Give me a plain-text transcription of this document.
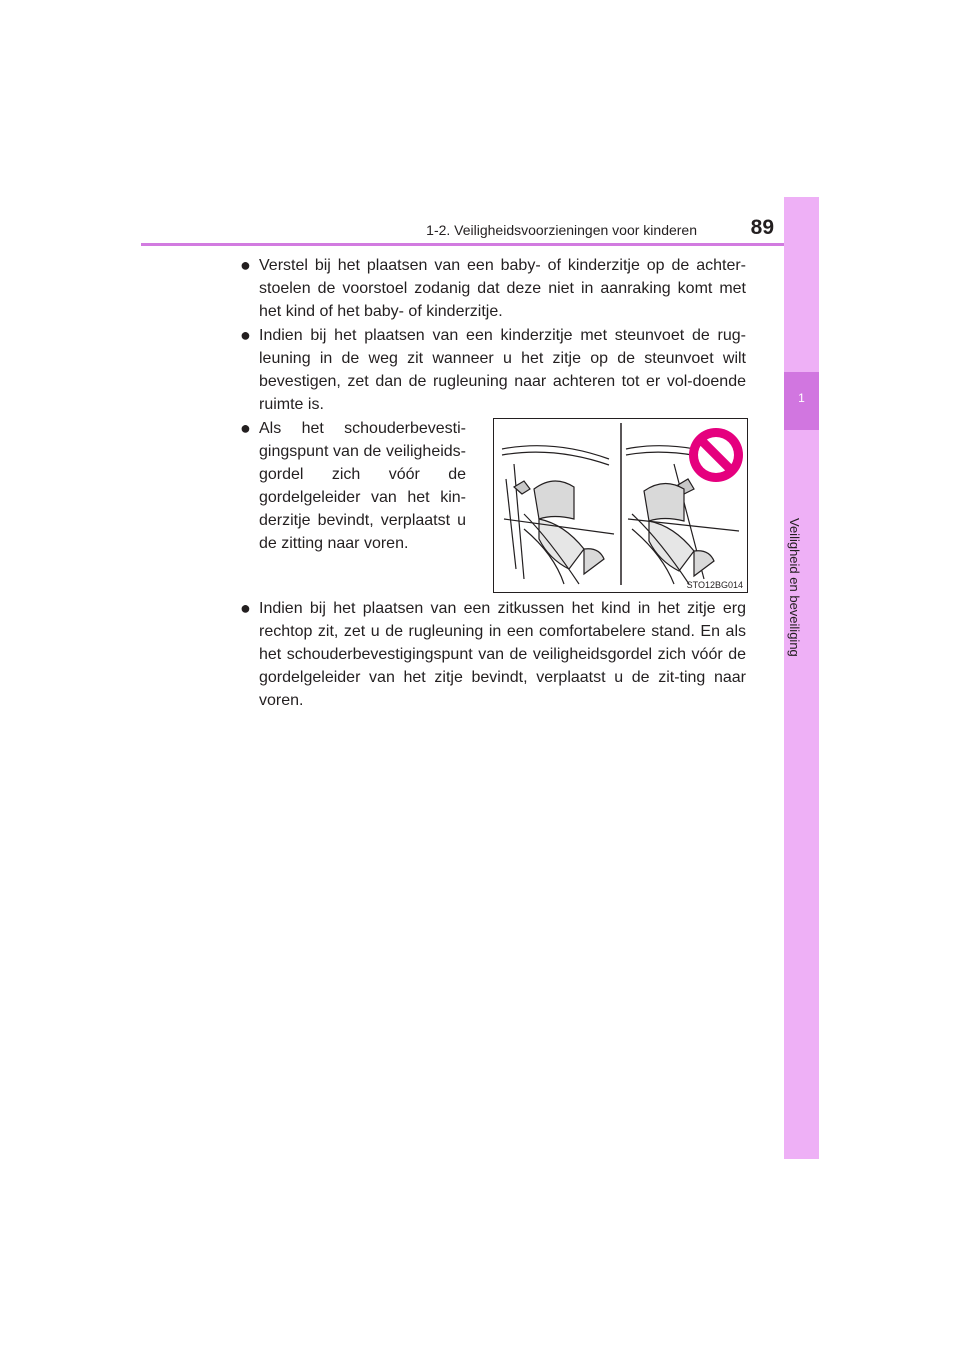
1-2. Veiligheidsvoorzieningen voor kinderen	89
1
Veiligheid en beveiliging
● Verstel bij het plaatsen van een baby- of kinderzitje op de achter-stoelen de voorstoel zodanig dat deze niet in aanraking komt met het kind of het baby- of kinderzitje.
● Indien bij het plaatsen van een kinderzitje met steunvoet de rug-leuning in de weg zit wanneer u het zitje op de steunvoet wilt bevestigen, zet dan de rugleuning naar achteren tot er vol-doende ruimte is.
● Als het schouderbevesti-gingspunt van de veiligheids-gordel zich vóór de gordelgeleider van het kin-derzitje bevindt, verplaatst u de zitting naar voren.
STO12BG014
● Indien bij het plaatsen van een zitkussen het kind in het zitje erg rechtop zit, zet u de rugleuning in een comfortabelere stand. En als het schouderbevestigingspunt van de veiligheidsgordel zich vóór de gordelgeleider van het zitje bevindt, verplaatst u de zit-ting naar voren.
